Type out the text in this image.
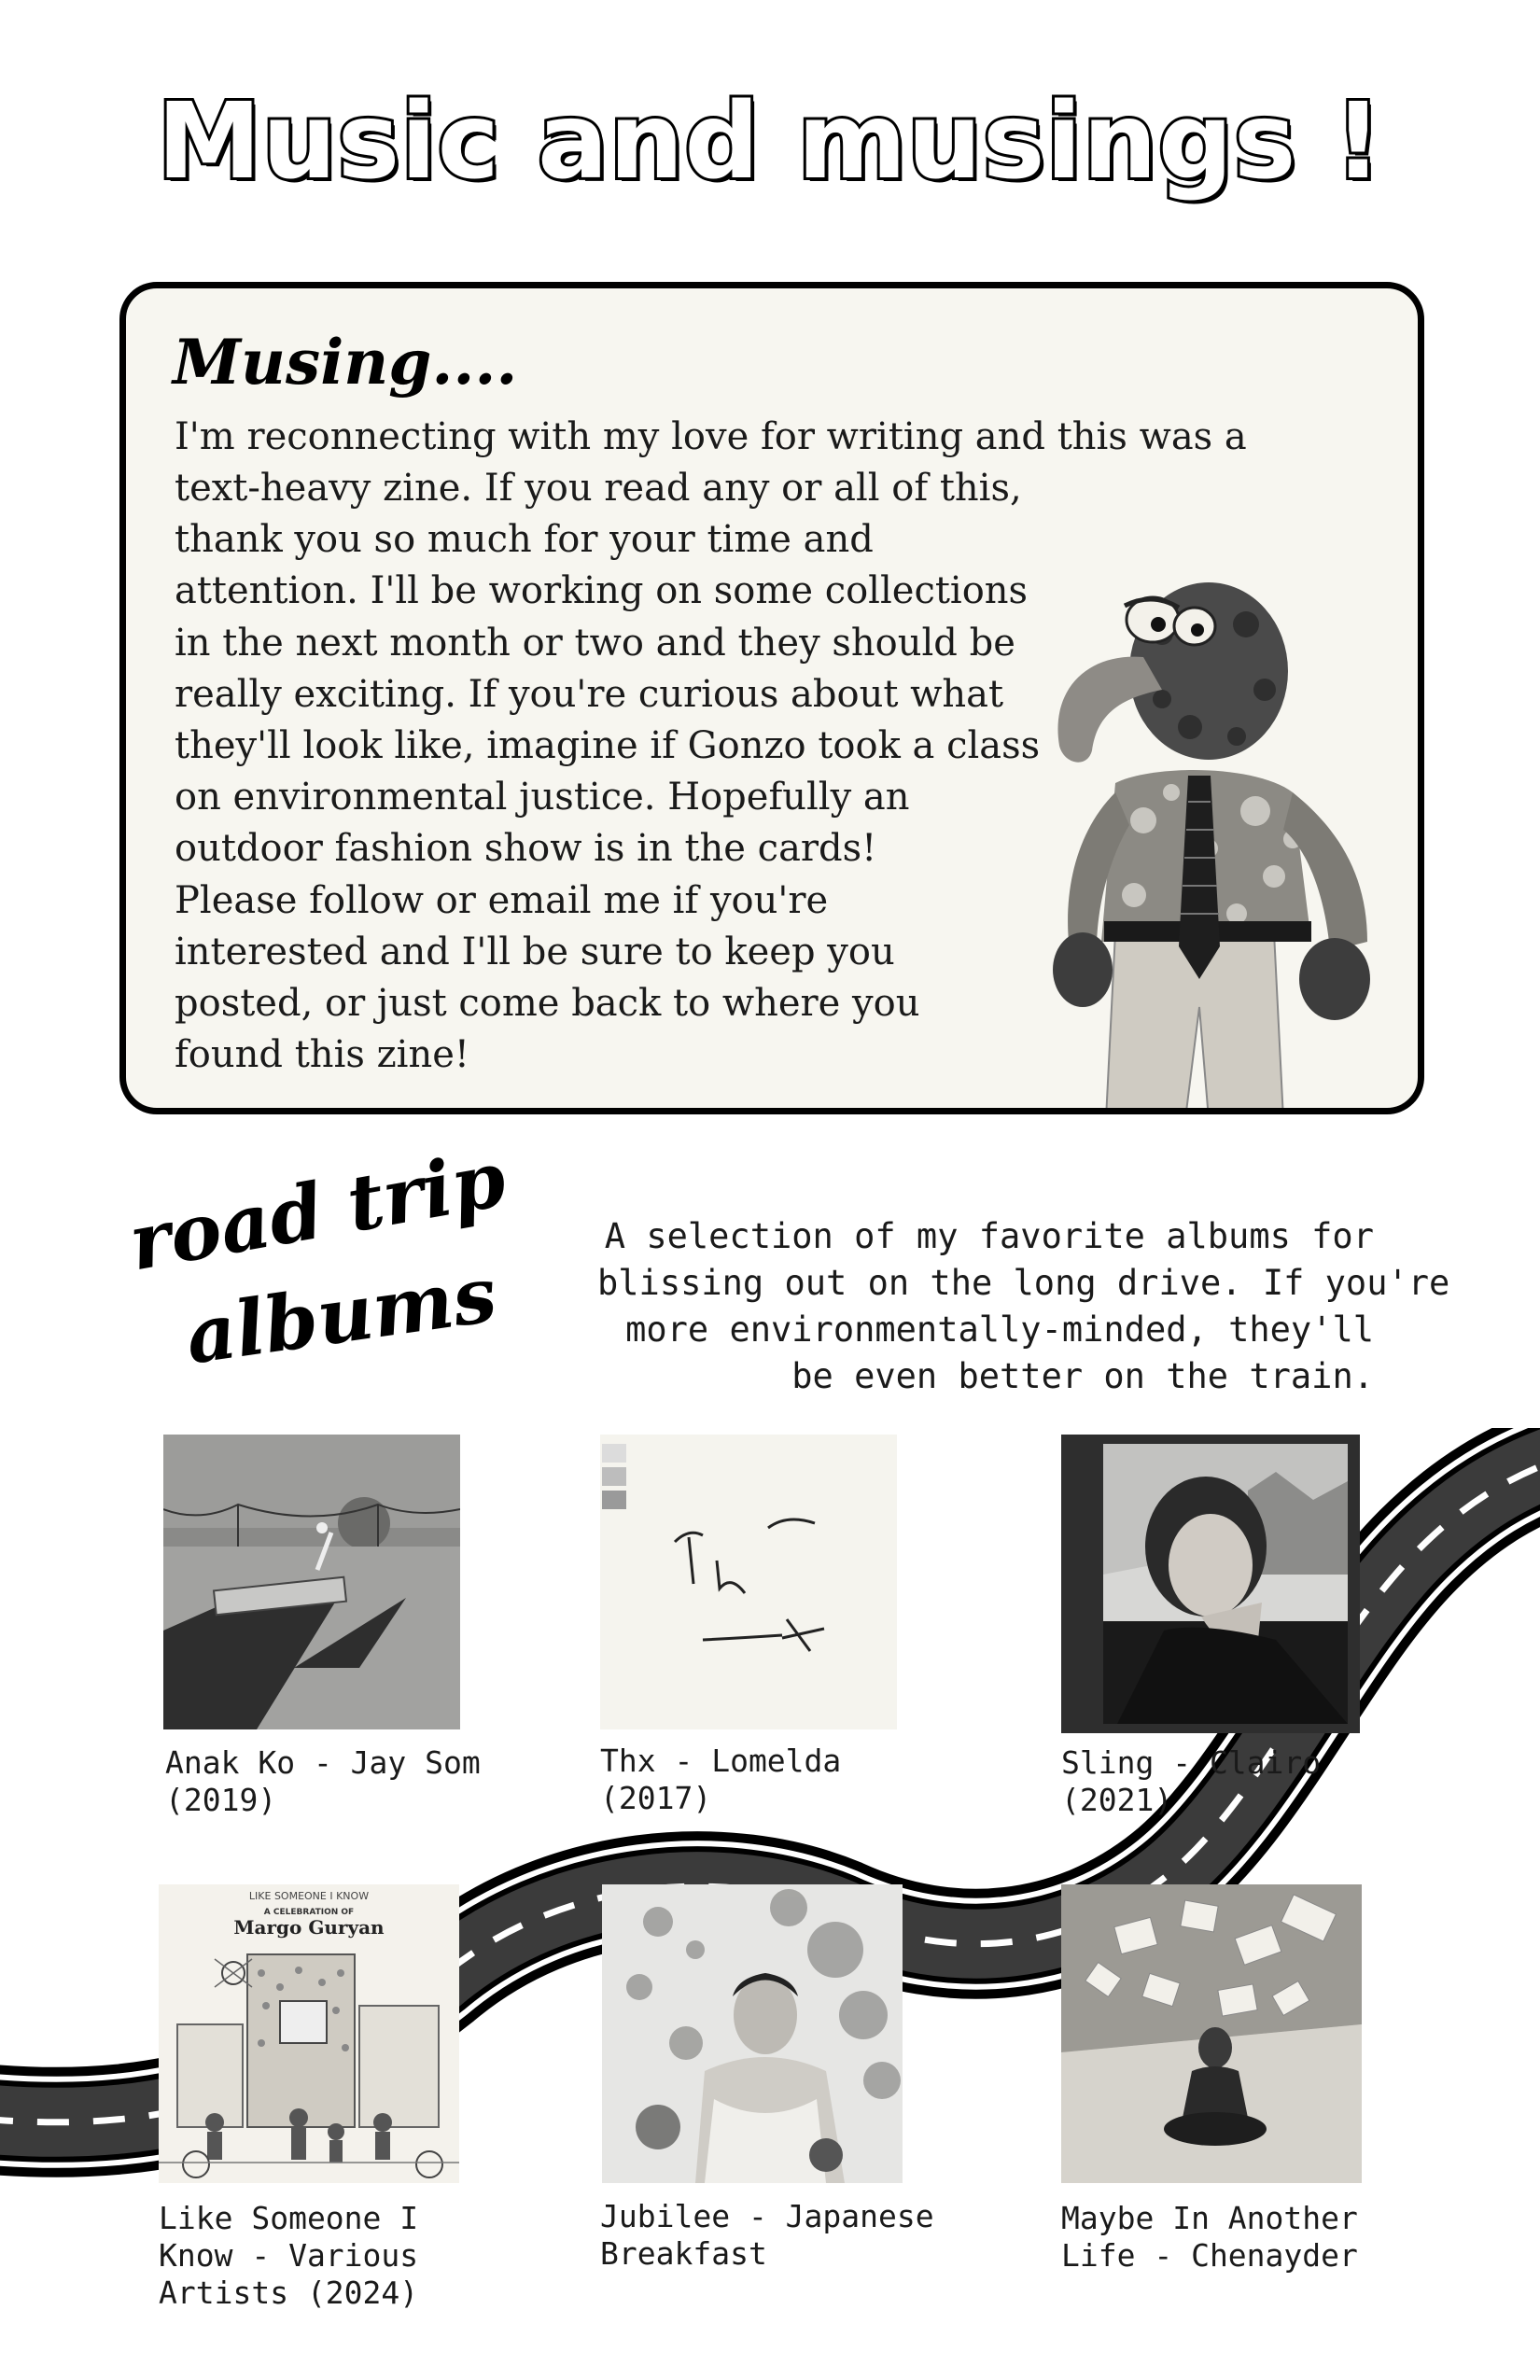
Music and musings !
Musing....
I'm reconnecting with my love for writing and this was a
text-heavy zine. If you read any or all of this,
thank you so much for your time and
attention. I'll be working on some collections
in the next month or two and they should be
really exciting. If you're curious about what
they'll look like, imagine if Gonzo took a class
on environmental justice. Hopefully an
outdoor fashion show is in the cards!
Please follow or email me if you're
interested and I'll be sure to keep you
posted, or just come back to where you
found this zine!
road trip
albums
A selection of my favorite albums for
blissing out on the long drive. If you're
more environmentally-minded, they'll
be even better on the train.
Anak Ko - Jay Som
(2019)
Thx - Lomelda
(2017)
Sling - Clairo
(2021)
LIKE SOMEONE I KNOW
A CELEBRATION OF
Margo Guryan
Like Someone I
Know - Various
Artists (2024)
Jubilee - Japanese
Breakfast
Maybe In Another
Life - Chenayder
